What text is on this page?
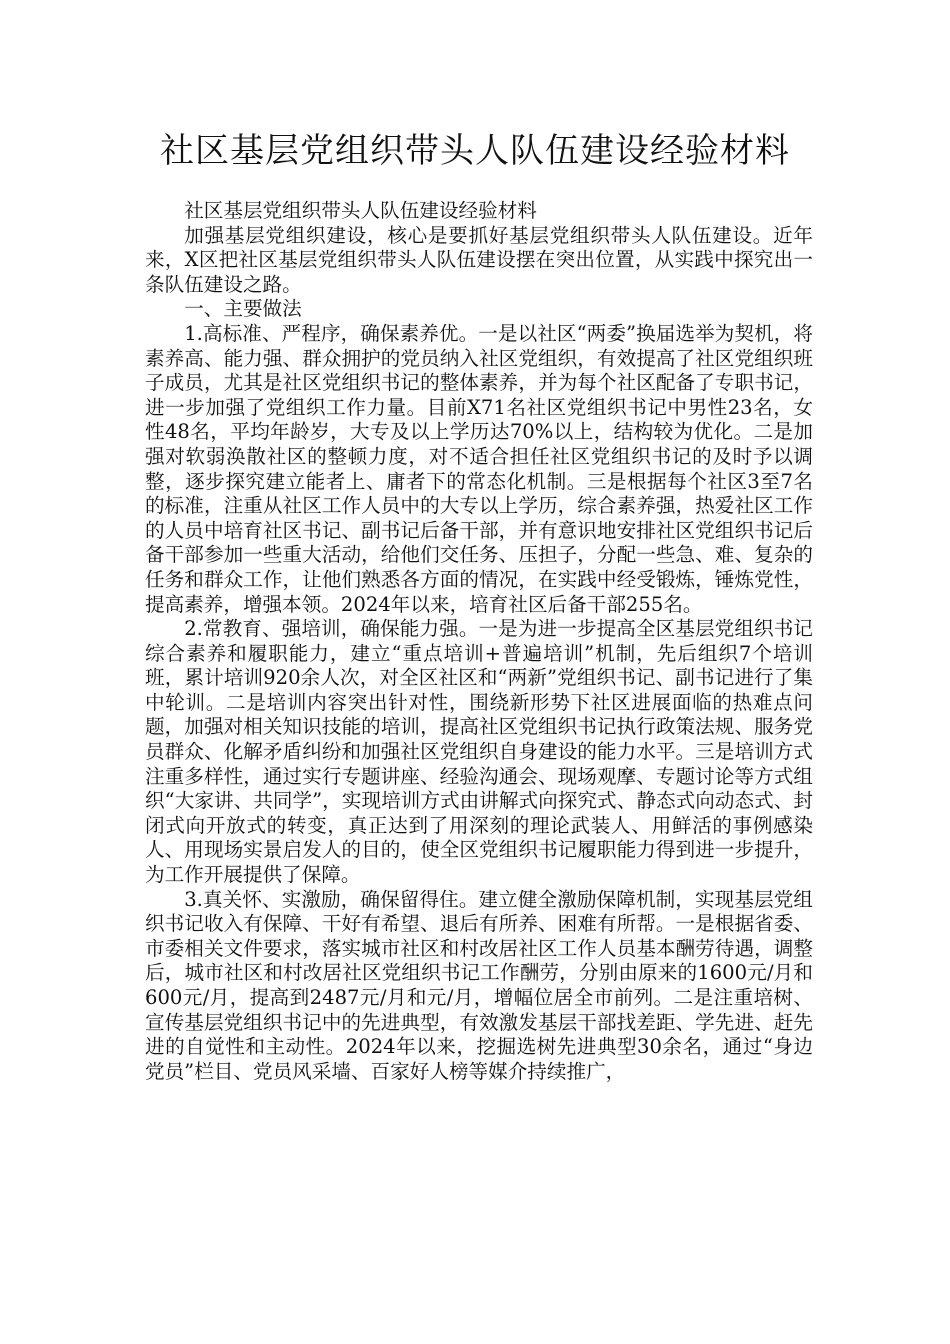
社区基层党组织带头人队伍建设经验材料

社区基层党组织带头人队伍建设经验材料

加强基层党组织建设，核心是要抓好基层党组织带头人队伍建设。近年来，X区把社区基层党组织带头人队伍建设摆在突出位置，从实践中探究出一条队伍建设之路。

一、主要做法

1.高标准、严程序，确保素养优。一是以社区“两委”换届选举为契机，将素养高、能力强、群众拥护的党员纳入社区党组织，有效提高了社区党组织班子成员，尤其是社区党组织书记的整体素养，并为每个社区配备了专职书记，进一步加强了党组织工作力量。目前X71名社区党组织书记中男性23名，女性48名，平均年龄岁，大专及以上学历达70%以上，结构较为优化。二是加强对软弱涣散社区的整顿力度，对不适合担任社区党组织书记的及时予以调整，逐步探究建立能者上、庸者下的常态化机制。三是根据每个社区3至7名的标准，注重从社区工作人员中的大专以上学历，综合素养强，热爱社区工作的人员中培育社区书记、副书记后备干部，并有意识地安排社区党组织书记后备干部参加一些重大活动，给他们交任务、压担子，分配一些急、难、复杂的任务和群众工作，让他们熟悉各方面的情况，在实践中经受锻炼，锤炼党性，提高素养，增强本领。2024年以来，培育社区后备干部255名。

2.常教育、强培训，确保能力强。一是为进一步提高全区基层党组织书记综合素养和履职能力，建立“重点培训+普遍培训”机制，先后组织7个培训班，累计培训920余人次，对全区社区和“两新”党组织书记、副书记进行了集中轮训。二是培训内容突出针对性，围绕新形势下社区进展面临的热难点问题，加强对相关知识技能的培训，提高社区党组织书记执行政策法规、服务党员群众、化解矛盾纠纷和加强社区党组织自身建设的能力水平。三是培训方式注重多样性，通过实行专题讲座、经验沟通会、现场观摩、专题讨论等方式组织“大家讲、共同学”，实现培训方式由讲解式向探究式、静态式向动态式、封闭式向开放式的转变，真正达到了用深刻的理论武装人、用鲜活的事例感染人、用现场实景启发人的目的，使全区党组织书记履职能力得到进一步提升，为工作开展提供了保障。

3.真关怀、实激励，确保留得住。建立健全激励保障机制，实现基层党组织书记收入有保障、干好有希望、退后有所养、困难有所帮。一是根据省委、市委相关文件要求，落实城市社区和村改居社区工作人员基本酬劳待遇，调整后，城市社区和村改居社区党组织书记工作酬劳，分别由原来的1600元/月和600元/月，提高到2487元/月和元/月，增幅位居全市前列。二是注重培树、宣传基层党组织书记中的先进典型，有效激发基层干部找差距、学先进、赶先进的自觉性和主动性。2024年以来，挖掘选树先进典型30余名，通过“身边党员”栏目、党员风采墙、百家好人榜等媒介持续推广，
